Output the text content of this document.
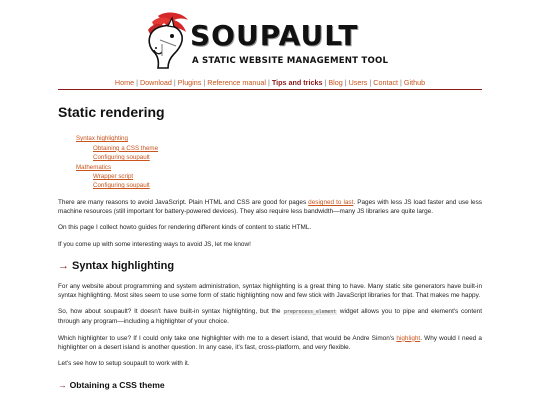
SOUPAULT
A STATIC WEBSITE MANAGEMENT TOOL
Home | Download | Plugins | Reference manual | Tips and tricks | Blog | Users | Contact | Github
Static rendering
Syntax highlighting
Obtaining a CSS theme
Configuring soupault
Mathematics
Wrapper script
Configuring soupault

There are many reasons to avoid JavaScript. Plain HTML and CSS are good for pages designed to last. Pages with less JS load faster and use less machine resources (still important for battery-powered devices). They also require less bandwidth—many JS libraries are quite large.

On this page I collect howto guides for rendering different kinds of content to static HTML.

If you come up with some interesting ways to avoid JS, let me know!

→ Syntax highlighting

For any website about programming and system administration, syntax highlighting is a great thing to have. Many static site generators have built-in syntax highlighting. Most sites seem to use some form of static highlighting now and few stick with JavaScript libraries for that. That makes me happy.

So, how about soupault? It doesn't have built-in syntax highlighting, but the preprocess_element widget allows you to pipe and element's content through any program—including a highlighter of your choice.

Which highlighter to use? If I could only take one highlighter with me to a desert island, that would be Andre Simon's highlight. Why would I need a highlighter on a desert island is another question. In any case, it's fast, cross-platform, and very flexible.

Let's see how to setup soupault to work with it.

→ Obtaining a CSS theme
